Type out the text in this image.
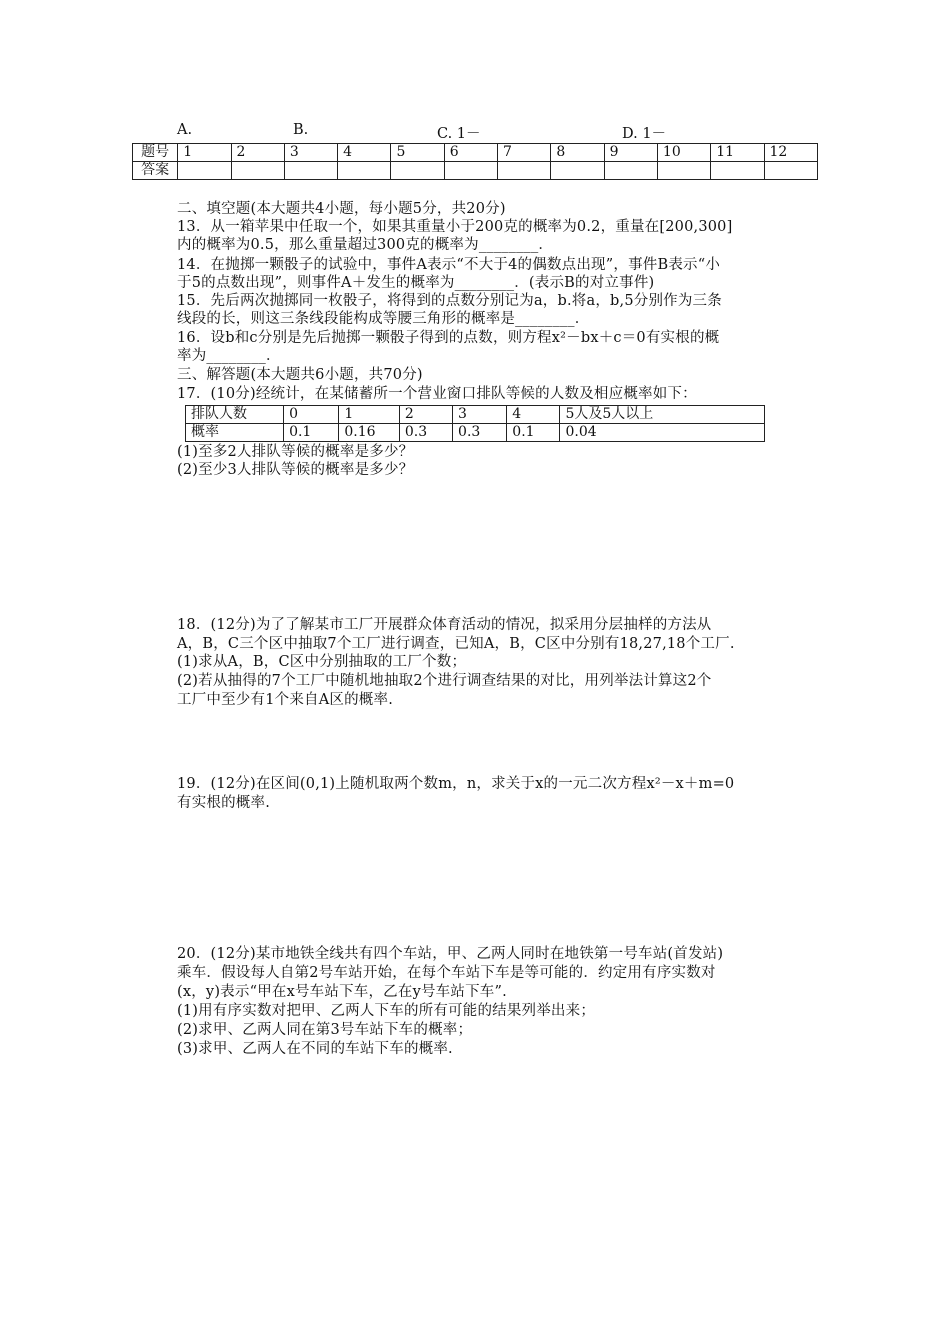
A.	B.	C. 1－	D. 1－
题号	1	2	3	4	5	6	7	8	9	10	11	12
答案												
二、填空题(本大题共4小题，每小题5分，共20分)
13．从一箱苹果中任取一个，如果其重量小于200克的概率为0.2，重量在[200,300]
内的概率为0.5，那么重量超过300克的概率为________．
14．在抛掷一颗骰子的试验中，事件A表示“不大于4的偶数点出现”，事件B表示“小
于5的点数出现”，则事件A＋发生的概率为________．(表示B的对立事件)
15．先后两次抛掷同一枚骰子，将得到的点数分别记为a，b.将a，b,5分别作为三条
线段的长，则这三条线段能构成等腰三角形的概率是________．
16．设b和c分别是先后抛掷一颗骰子得到的点数，则方程x²－bx＋c＝0有实根的概
率为________．
三、解答题(本大题共6小题，共70分)
17．(10分)经统计，在某储蓄所一个营业窗口排队等候的人数及相应概率如下：
排队人数	0	1	2	3	4	5人及5人以上
概率	0.1	0.16	0.3	0.3	0.1	0.04
(1)至多2人排队等候的概率是多少？
(2)至少3人排队等候的概率是多少？
18．(12分)为了了解某市工厂开展群众体育活动的情况，拟采用分层抽样的方法从
A，B，C三个区中抽取7个工厂进行调查，已知A，B，C区中分别有18,27,18个工厂.
(1)求从A，B，C区中分别抽取的工厂个数；
(2)若从抽得的7个工厂中随机地抽取2个进行调查结果的对比，用列举法计算这2个
工厂中至少有1个来自A区的概率.
19．(12分)在区间(0,1)上随机取两个数m，n，求关于x的一元二次方程x²－x＋m=0
有实根的概率.
20．(12分)某市地铁全线共有四个车站，甲、乙两人同时在地铁第一号车站(首发站)
乘车．假设每人自第2号车站开始，在每个车站下车是等可能的．约定用有序实数对
(x，y)表示“甲在x号车站下车，乙在y号车站下车”.
(1)用有序实数对把甲、乙两人下车的所有可能的结果列举出来；
(2)求甲、乙两人同在第3号车站下车的概率；
(3)求甲、乙两人在不同的车站下车的概率.
